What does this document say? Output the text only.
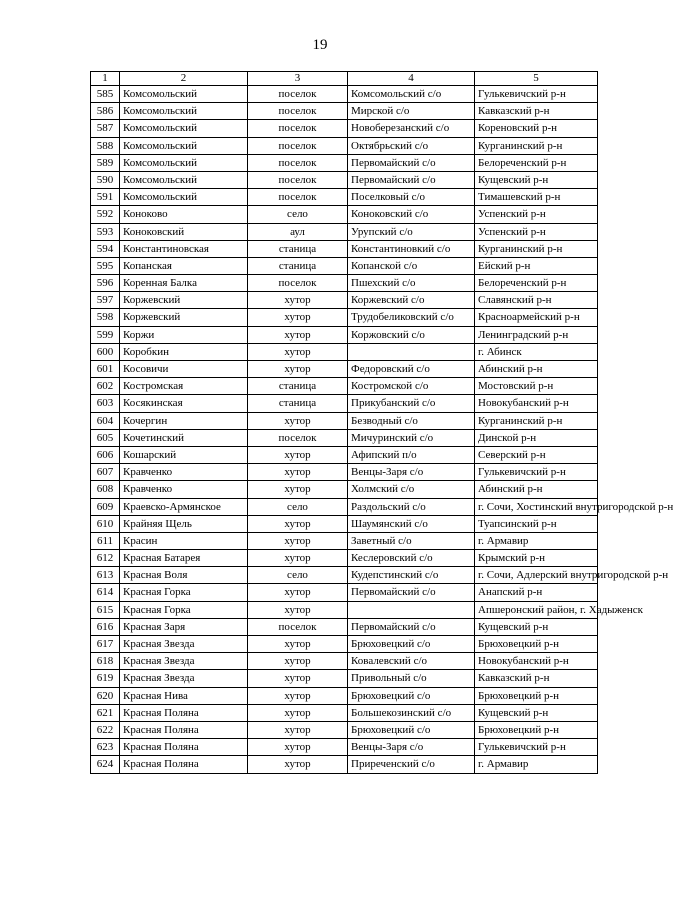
19
1	2	3	4	5
585	Комсомольский	поселок	Комсомольский с/о	Гулькевичский р-н
586	Комсомольский	поселок	Мирской с/о	Кавказский р-н
587	Комсомольский	поселок	Новоберезанский с/о	Кореновский р-н
588	Комсомольский	поселок	Октябрьский с/о	Курганинский р-н
589	Комсомольский	поселок	Первомайский с/о	Белореченский р-н
590	Комсомольский	поселок	Первомайский с/о	Кущевский р-н
591	Комсомольский	поселок	Поселковый с/о	Тимашевский р-н
592	Коноково	село	Коноковский с/о	Успенский р-н
593	Коноковский	аул	Урупский с/о	Успенский р-н
594	Константиновская	станица	Константиновкий с/о	Курганинский р-н
595	Копанская	станица	Копанской с/о	Ейский р-н
596	Коренная Балка	поселок	Пшехский с/о	Белореченский р-н
597	Коржевский	хутор	Коржевский с/о	Славянский р-н
598	Коржевский	хутор	Трудобеликовский с/о	Красноармейский р-н
599	Коржи	хутор	Коржовский с/о	Ленинградский р-н
600	Коробкин	хутор		г. Абинск
601	Косовичи	хутор	Федоровский с/о	Абинский р-н
602	Костромская	станица	Костромской с/о	Мостовский р-н
603	Косякинская	станица	Прикубанский с/о	Новокубанский р-н
604	Кочергин	хутор	Безводный с/о	Курганинский р-н
605	Кочетинский	поселок	Мичуринский с/о	Динской р-н
606	Кошарский	хутор	Афипский п/о	Северский р-н
607	Кравченко	хутор	Венцы-Заря с/о	Гулькевичский р-н
608	Кравченко	хутор	Холмский с/о	Абинский р-н
609	Краевско-Армянское	село	Раздольский с/о	г. Сочи, Хостинский внутригородской р-н
610	Крайняя Щель	хутор	Шаумянский с/о	Туапсинский р-н
611	Красин	хутор	Заветный с/о	г. Армавир
612	Красная Батарея	хутор	Кеслеровский с/о	Крымский р-н
613	Красная Воля	село	Кудепстинский с/о	г. Сочи, Адлерский внутригородской р-н
614	Красная Горка	хутор	Первомайский с/о	Анапский р-н
615	Красная Горка	хутор		Апшеронский район, г. Хадыженск
616	Красная Заря	поселок	Первомайский с/о	Кущевский р-н
617	Красная Звезда	хутор	Брюховецкий с/о	Брюховецкий р-н
618	Красная Звезда	хутор	Ковалевский с/о	Новокубанский р-н
619	Красная Звезда	хутор	Привольный с/о	Кавказский р-н
620	Красная Нива	хутор	Брюховецкий с/о	Брюховецкий р-н
621	Красная Поляна	хутор	Большекозинский с/о	Кущевский р-н
622	Красная Поляна	хутор	Брюховецкий с/о	Брюховецкий р-н
623	Красная Поляна	хутор	Венцы-Заря с/о	Гулькевичский р-н
624	Красная Поляна	хутор	Приреченский с/о	г. Армавир
